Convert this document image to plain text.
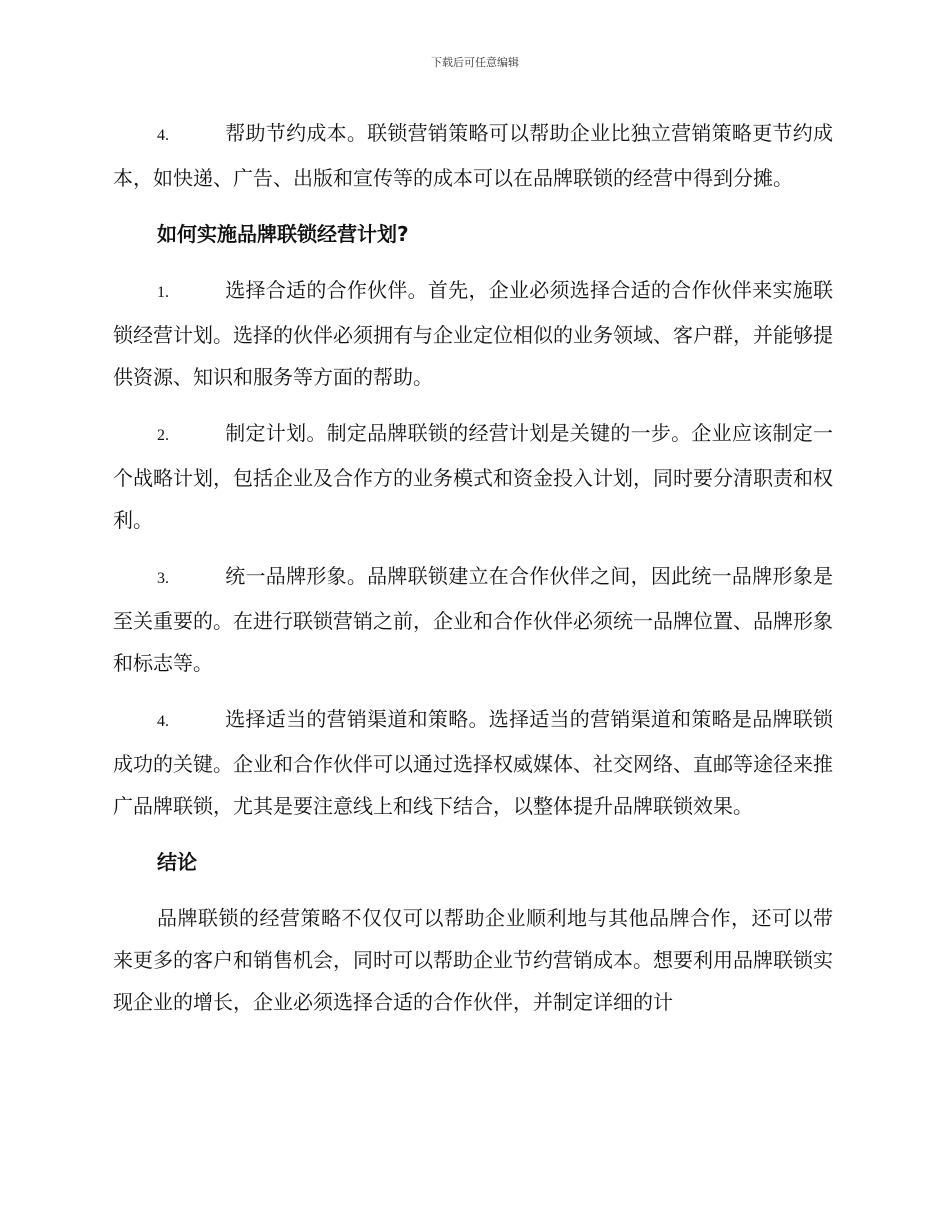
下载后可任意编辑

4.	帮助节约成本。联锁营销策略可以帮助企业比独立营销策略更节约成本，如快递、广告、出版和宣传等的成本可以在品牌联锁的经营中得到分摊。

如何实施品牌联锁经营计划?

1.	选择合适的合作伙伴。首先，企业必须选择合适的合作伙伴来实施联锁经营计划。选择的伙伴必须拥有与企业定位相似的业务领域、客户群，并能够提供资源、知识和服务等方面的帮助。

2.	制定计划。制定品牌联锁的经营计划是关键的一步。企业应该制定一个战略计划，包括企业及合作方的业务模式和资金投入计划，同时要分清职责和权利。

3.	统一品牌形象。品牌联锁建立在合作伙伴之间，因此统一品牌形象是至关重要的。在进行联锁营销之前，企业和合作伙伴必须统一品牌位置、品牌形象和标志等。

4.	选择适当的营销渠道和策略。选择适当的营销渠道和策略是品牌联锁成功的关键。企业和合作伙伴可以通过选择权威媒体、社交网络、直邮等途径来推广品牌联锁，尤其是要注意线上和线下结合，以整体提升品牌联锁效果。

结论

品牌联锁的经营策略不仅仅可以帮助企业顺利地与其他品牌合作，还可以带来更多的客户和销售机会，同时可以帮助企业节约营销成本。想要利用品牌联锁实现企业的增长，企业必须选择合适的合作伙伴，并制定详细的计
